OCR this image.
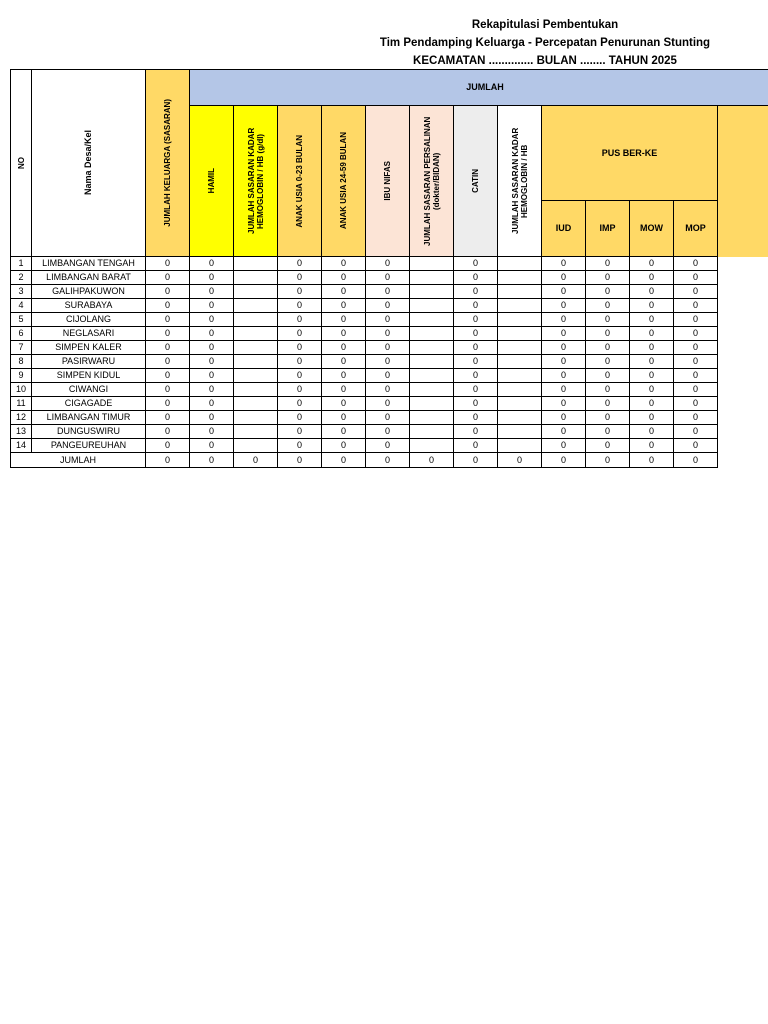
Rekapitulasi Pembentukan
Tim Pendamping Keluarga - Percepatan Penurunan Stunting
KECAMATAN .............. BULAN ........ TAHUN 2025
NO	Nama Desa/Kel	JUMLAH KELUARGA (SASARAN)	JUMLAH												

			HAMIL	JUMLAH SASARAN KADAR HEMOGLOBIN / HB (g/dl)	ANAK USIA 0-23 BULAN	ANAK USIA 24-59 BULAN	IBU NIFAS	JUMLAH SASARAN PERSALINAN (dokter/BIDAN)	CATIN	JUMLAH SASARAN KADAR HEMOGLOBIN / HB	PUS BER-KE				
											IUD	IMP	MOW	MOP	
1	LIMBANGAN TENGAH	0	0		0	0	0		0		0	0	0	0	
2	LIMBANGAN BARAT	0	0		0	0	0		0		0	0	0	0	
3	GALIHPAKUWON	0	0		0	0	0		0		0	0	0	0	
4	SURABAYA	0	0		0	0	0		0		0	0	0	0	
5	CIJOLANG	0	0		0	0	0		0		0	0	0	0	
6	NEGLASARI	0	0		0	0	0		0		0	0	0	0	
7	SIMPEN KALER	0	0		0	0	0		0		0	0	0	0	
8	PASIRWARU	0	0		0	0	0		0		0	0	0	0	
9	SIMPEN KIDUL	0	0		0	0	0		0		0	0	0	0	
10	CIWANGI	0	0		0	0	0		0		0	0	0	0	
11	CIGAGADE	0	0		0	0	0		0		0	0	0	0	
12	LIMBANGAN TIMUR	0	0		0	0	0		0		0	0	0	0	
13	DUNGUSWIRU	0	0		0	0	0		0		0	0	0	0	
14	PANGEUREUHAN	0	0		0	0	0		0		0	0	0	0	
JUMLAH		0	0	0	0	0	0	0	0	0	0	0	0	0	
